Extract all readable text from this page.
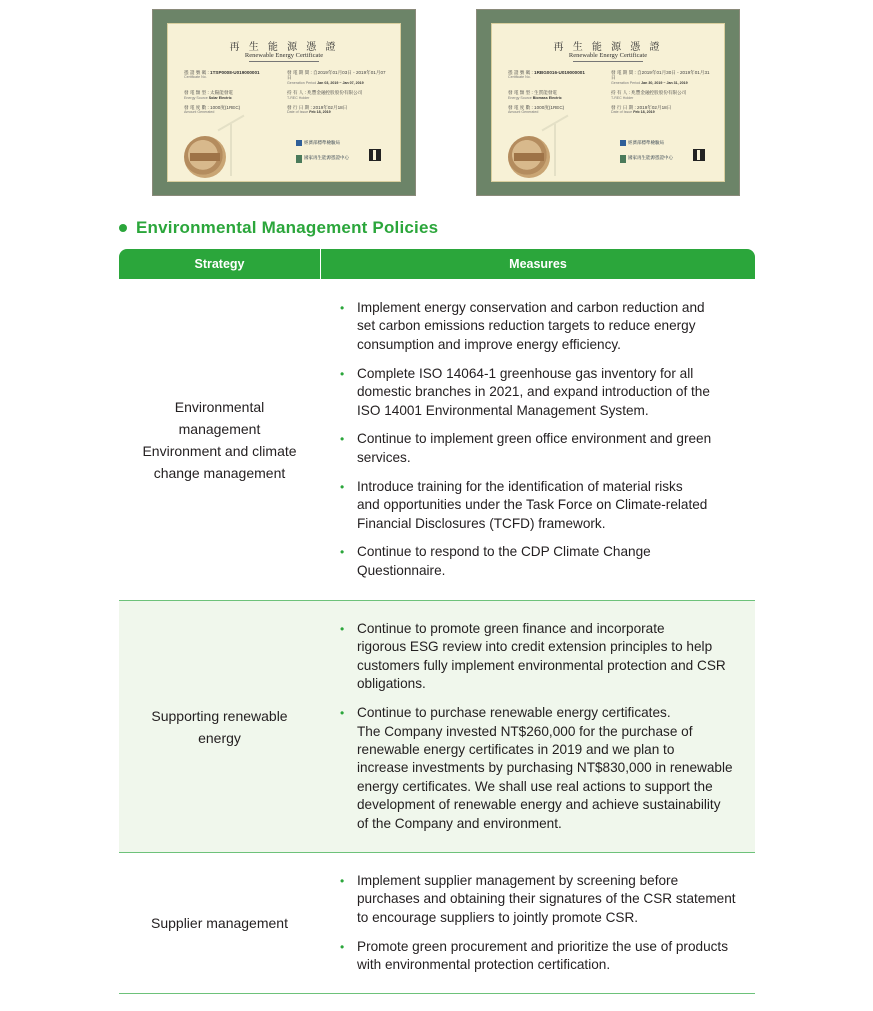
再 生 能 源 憑 證
Renewable Energy Certificate
憑 證 號 碼 : 1TSP0008-U019000001
Certificate No.
發 電 期 間 : 自2019年01月03日 - 2019年01月07日
Generation Period Jan 03, 2019 ~ Jan 07, 2019
發 電 類 型 : 太陽能發電
Energy Source Solar Electric
持 有 人 : 兆豐金融控股股份有限公司
T-REC Holder
發 電 度 數 : 1000度(1REC)
Amount Generated
發 行 日 期 : 2019年02月18日
Date of Issue Feb 18, 2019
經濟部標準檢驗局
國家再生能源憑證中心
再 生 能 源 憑 證
Renewable Energy Certificate
憑 證 號 碼 : 1RBG0016-U019000001
Certificate No.
發 電 期 間 : 自2019年01月30日 - 2019年01月31日
Generation Period Jan 30, 2019 ~ Jan 31, 2019
發 電 類 型 : 生質能發電
Energy Source Biomass Electric
持 有 人 : 兆豐金融控股股份有限公司
T-REC Holder
發 電 度 數 : 1000度(1REC)
Amount Generated
發 行 日 期 : 2019年02月18日
Date of Issue Feb 18, 2019
經濟部標準檢驗局
國家再生能源憑證中心
Environmental Management Policies
Strategy	Measures
Environmental
management
Environment and climate
change management
• Implement energy conservation and carbon reduction and
set carbon emissions reduction targets to reduce energy
consumption and improve energy efficiency.
• Complete ISO 14064-1 greenhouse gas inventory for all
domestic branches in 2021, and expand introduction of the
ISO 14001 Environmental Management System.
• Continue to implement green office environment and green
services.
• Introduce training for the identification of material risks
and opportunities under the Task Force on Climate-related
Financial Disclosures (TCFD) framework.
• Continue to respond to the CDP Climate Change
Questionnaire.
Supporting renewable
energy
• Continue to promote green finance and incorporate
rigorous ESG review into credit extension principles to help
customers fully implement environmental protection and CSR
obligations.
• Continue to purchase renewable energy certificates.
The Company invested NT$260,000 for the purchase of
renewable energy certificates in 2019 and we plan to
increase investments by purchasing NT$830,000 in renewable
energy certificates. We shall use real actions to support the
development of renewable energy and achieve sustainability
of the Company and environment.
Supplier management
• Implement supplier management by screening before
purchases and obtaining their signatures of the CSR statement
to encourage suppliers to jointly promote CSR.
• Promote green procurement and prioritize the use of products
with environmental protection certification.
